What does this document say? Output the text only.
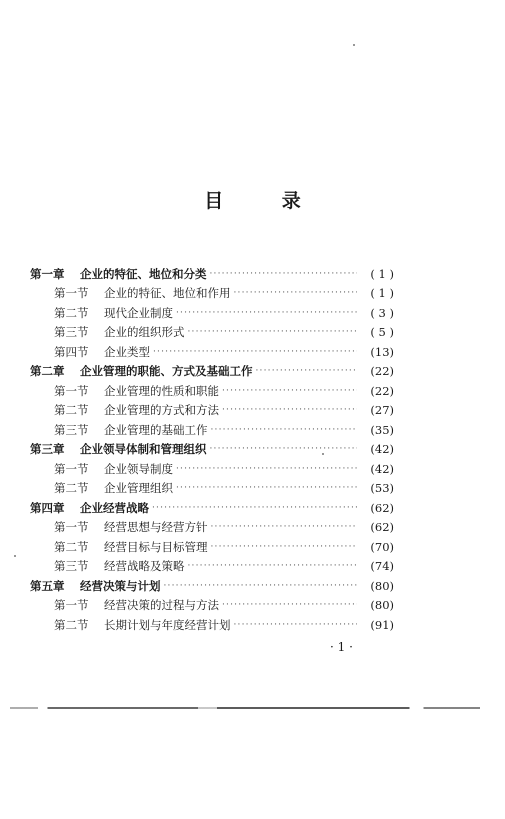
目 录
第一章	企业的特征、地位和分类 ·····	( 1 )
第一节	企业的特征、地位和作用 ·····	( 1 )
第二节	现代企业制度 ·····	( 3 )
第三节	企业的组织形式 ·····	( 5 )
第四节	企业类型 ·····	(13)
第二章	企业管理的职能、方式及基础工作 ·····	(22)
第一节	企业管理的性质和职能 ·····	(22)
第二节	企业管理的方式和方法 ·····	(27)
第三节	企业管理的基础工作 ·····	(35)
第三章	企业领导体制和管理组织 ·····	(42)
第一节	企业领导制度 ·····	(42)
第二节	企业管理组织 ·····	(53)
第四章	企业经营战略 ·····	(62)
第一节	经营思想与经营方针 ·····	(62)
第二节	经营目标与目标管理 ·····	(70)
第三节	经营战略及策略 ·····	(74)
第五章	经营决策与计划 ·····	(80)
第一节	经营决策的过程与方法 ·····	(80)
第二节	长期计划与年度经营计划 ·····	(91)
· 1 ·
